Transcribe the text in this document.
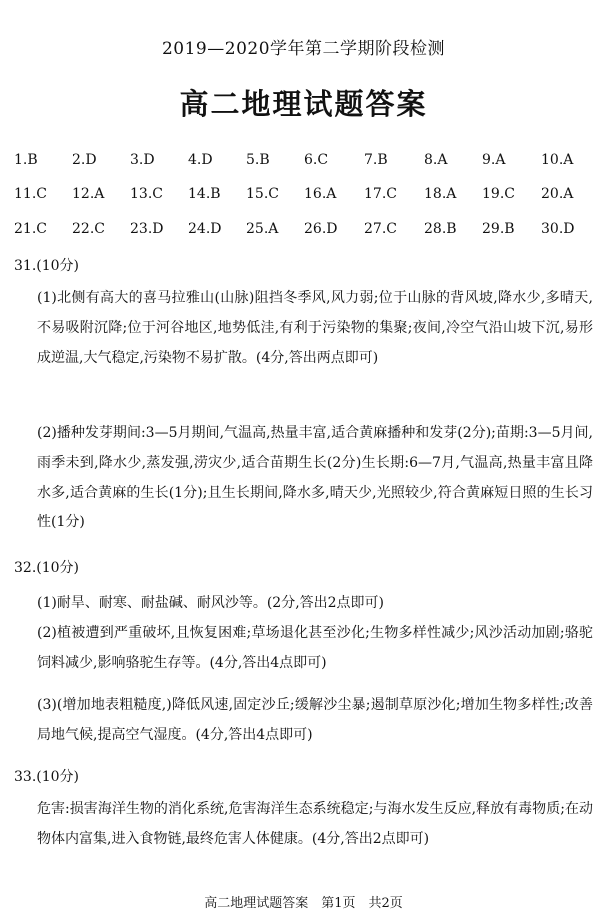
2019—2020学年第二学期阶段检测
高二地理试题答案
1.B 2.D 3.D 4.D 5.B 6.C	7.B	8.A 9.A	10.A
11.C 12.A 13.C 14.B 15.C 16.A 17.C 18.A 19.C 20.A
21.C 22.C 23.D 24.D 25.A 26.D 27.C 28.B 29.B 30.D
31.(10分)
(1)北侧有高大的喜马拉雅山(山脉)阻挡冬季风,风力弱;位于山脉的背风坡,降水少,多晴天,不易吸附沉降;位于河谷地区,地势低洼,有利于污染物的集聚;夜间,冷空气沿山坡下沉,易形成逆温,大气稳定,污染物不易扩散。(4分,答出两点即可)
(2)播种发芽期间:3—5月期间,气温高,热量丰富,适合黄麻播种和发芽(2分);苗期:3—5月间,雨季未到,降水少,蒸发强,涝灾少,适合苗期生长(2分)生长期:6—7月,气温高,热量丰富且降水多,适合黄麻的生长(1分);且生长期间,降水多,晴天少,光照较少,符合黄麻短日照的生长习性(1分)
32.(10分)
(1)耐旱、耐寒、耐盐碱、耐风沙等。(2分,答出2点即可)
(2)植被遭到严重破坏,且恢复困难;草场退化甚至沙化;生物多样性减少;风沙活动加剧;骆驼饲料减少,影响骆驼生存等。(4分,答出4点即可)
(3)(增加地表粗糙度,)降低风速,固定沙丘;缓解沙尘暴;遏制草原沙化;增加生物多样性;改善局地气候,提高空气湿度。(4分,答出4点即可)
33.(10分)
危害:损害海洋生物的消化系统,危害海洋生态系统稳定;与海水发生反应,释放有毒物质;在动物体内富集,进入食物链,最终危害人体健康。(4分,答出2点即可)
高二地理试题答案　第1页　共2页
